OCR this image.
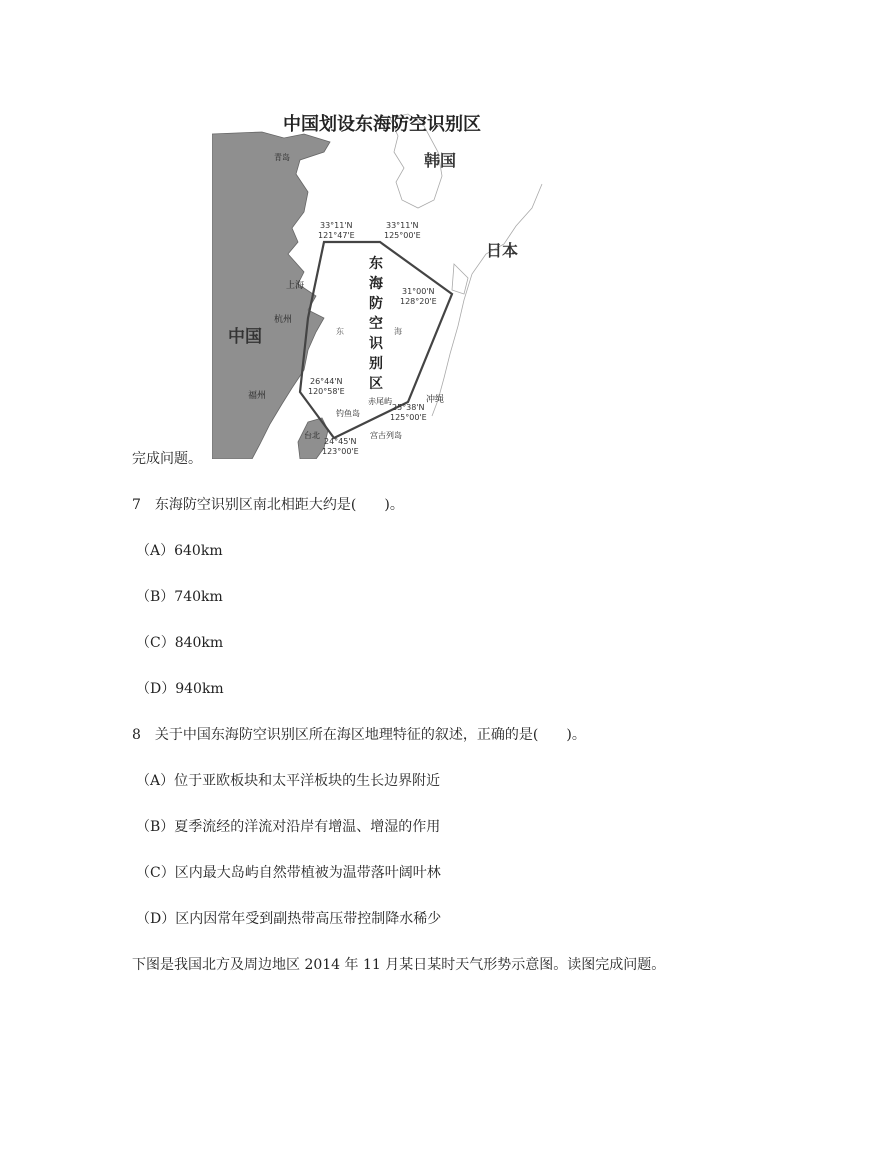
中国划设东海防空识别区
东
海
防
空
识
别
区
中国
韩国
日本
青岛
上海
杭州
福州
台北
冲绳
赤尾屿
钓鱼岛
宫古列岛
东	海
33°11'N
121°47'E
33°11'N
125°00'E
31°00'N
128°20'E
26°44'N
120°58'E
25°38'N
125°00'E
24°45'N
123°00'E
完成问题。
7　东海防空识别区南北相距大约是(　　)。
（A）640km
（B）740km
（C）840km
（D）940km
8　关于中国东海防空识别区所在海区地理特征的叙述，正确的是(　　)。
（A）位于亚欧板块和太平洋板块的生长边界附近
（B）夏季流经的洋流对沿岸有增温、增湿的作用
（C）区内最大岛屿自然带植被为温带落叶阔叶林
（D）区内因常年受到副热带高压带控制降水稀少
下图是我国北方及周边地区 2014 年 11 月某日某时天气形势示意图。读图完成问题。
